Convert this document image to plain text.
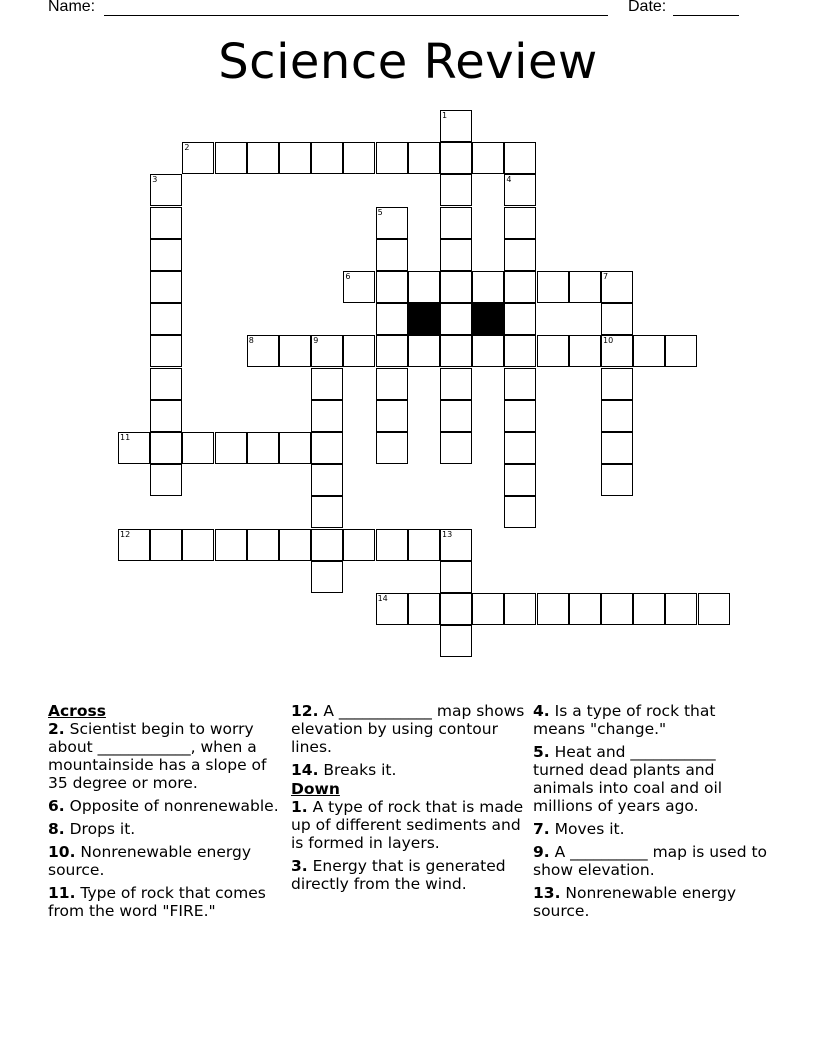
Name:	Date:
Science Review
2
6	7
8	9	10
11
12	13
14
1
3	4
5
Across
2. Scientist begin to worry about ____________, when a mountainside has a slope of 35 degree or more.
6. Opposite of nonrenewable.
8. Drops it.
10. Nonrenewable energy source.
11. Type of rock that comes from the word "FIRE."
12. A ____________ map shows elevation by using contour lines.
14. Breaks it.
Down
1. A type of rock that is made up of different sediments and is formed in layers.
3. Energy that is generated directly from the wind.
4. Is a type of rock that means "change."
5. Heat and ___________ turned dead plants and animals into coal and oil millions of years ago.
7. Moves it.
9. A __________ map is used to show elevation.
13. Nonrenewable energy source.
